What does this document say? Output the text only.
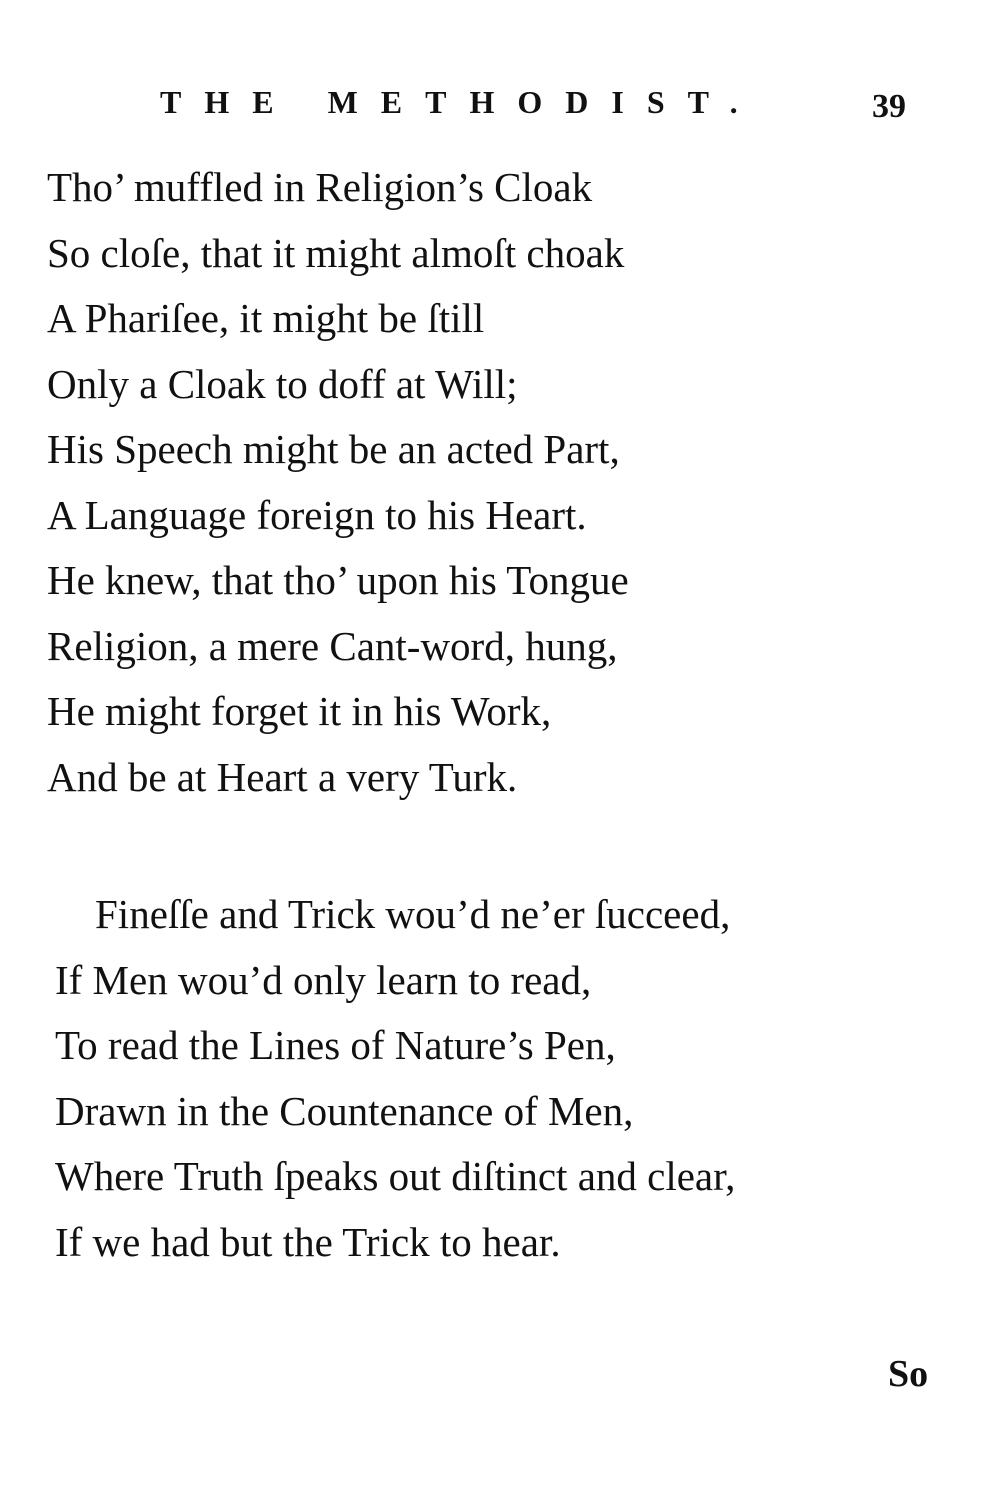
THE METHODIST.	39
Tho’ muffled in Religion’s Cloak
So cloſe, that it might almoſt choak
A Phariſee, it might be ſtill
Only a Cloak to doff at Will;
His Speech might be an acted Part,
A Language foreign to his Heart.
He knew, that tho’ upon his Tongue
Religion, a mere Cant-word, hung,
He might forget it in his Work,
And be at Heart a very Turk.
Fineſſe and Trick wou’d ne’er ſucceed,
If Men wou’d only learn to read,
To read the Lines of Nature’s Pen,
Drawn in the Countenance of Men,
Where Truth ſpeaks out diſtinct and clear,
If we had but the Trick to hear.
So
